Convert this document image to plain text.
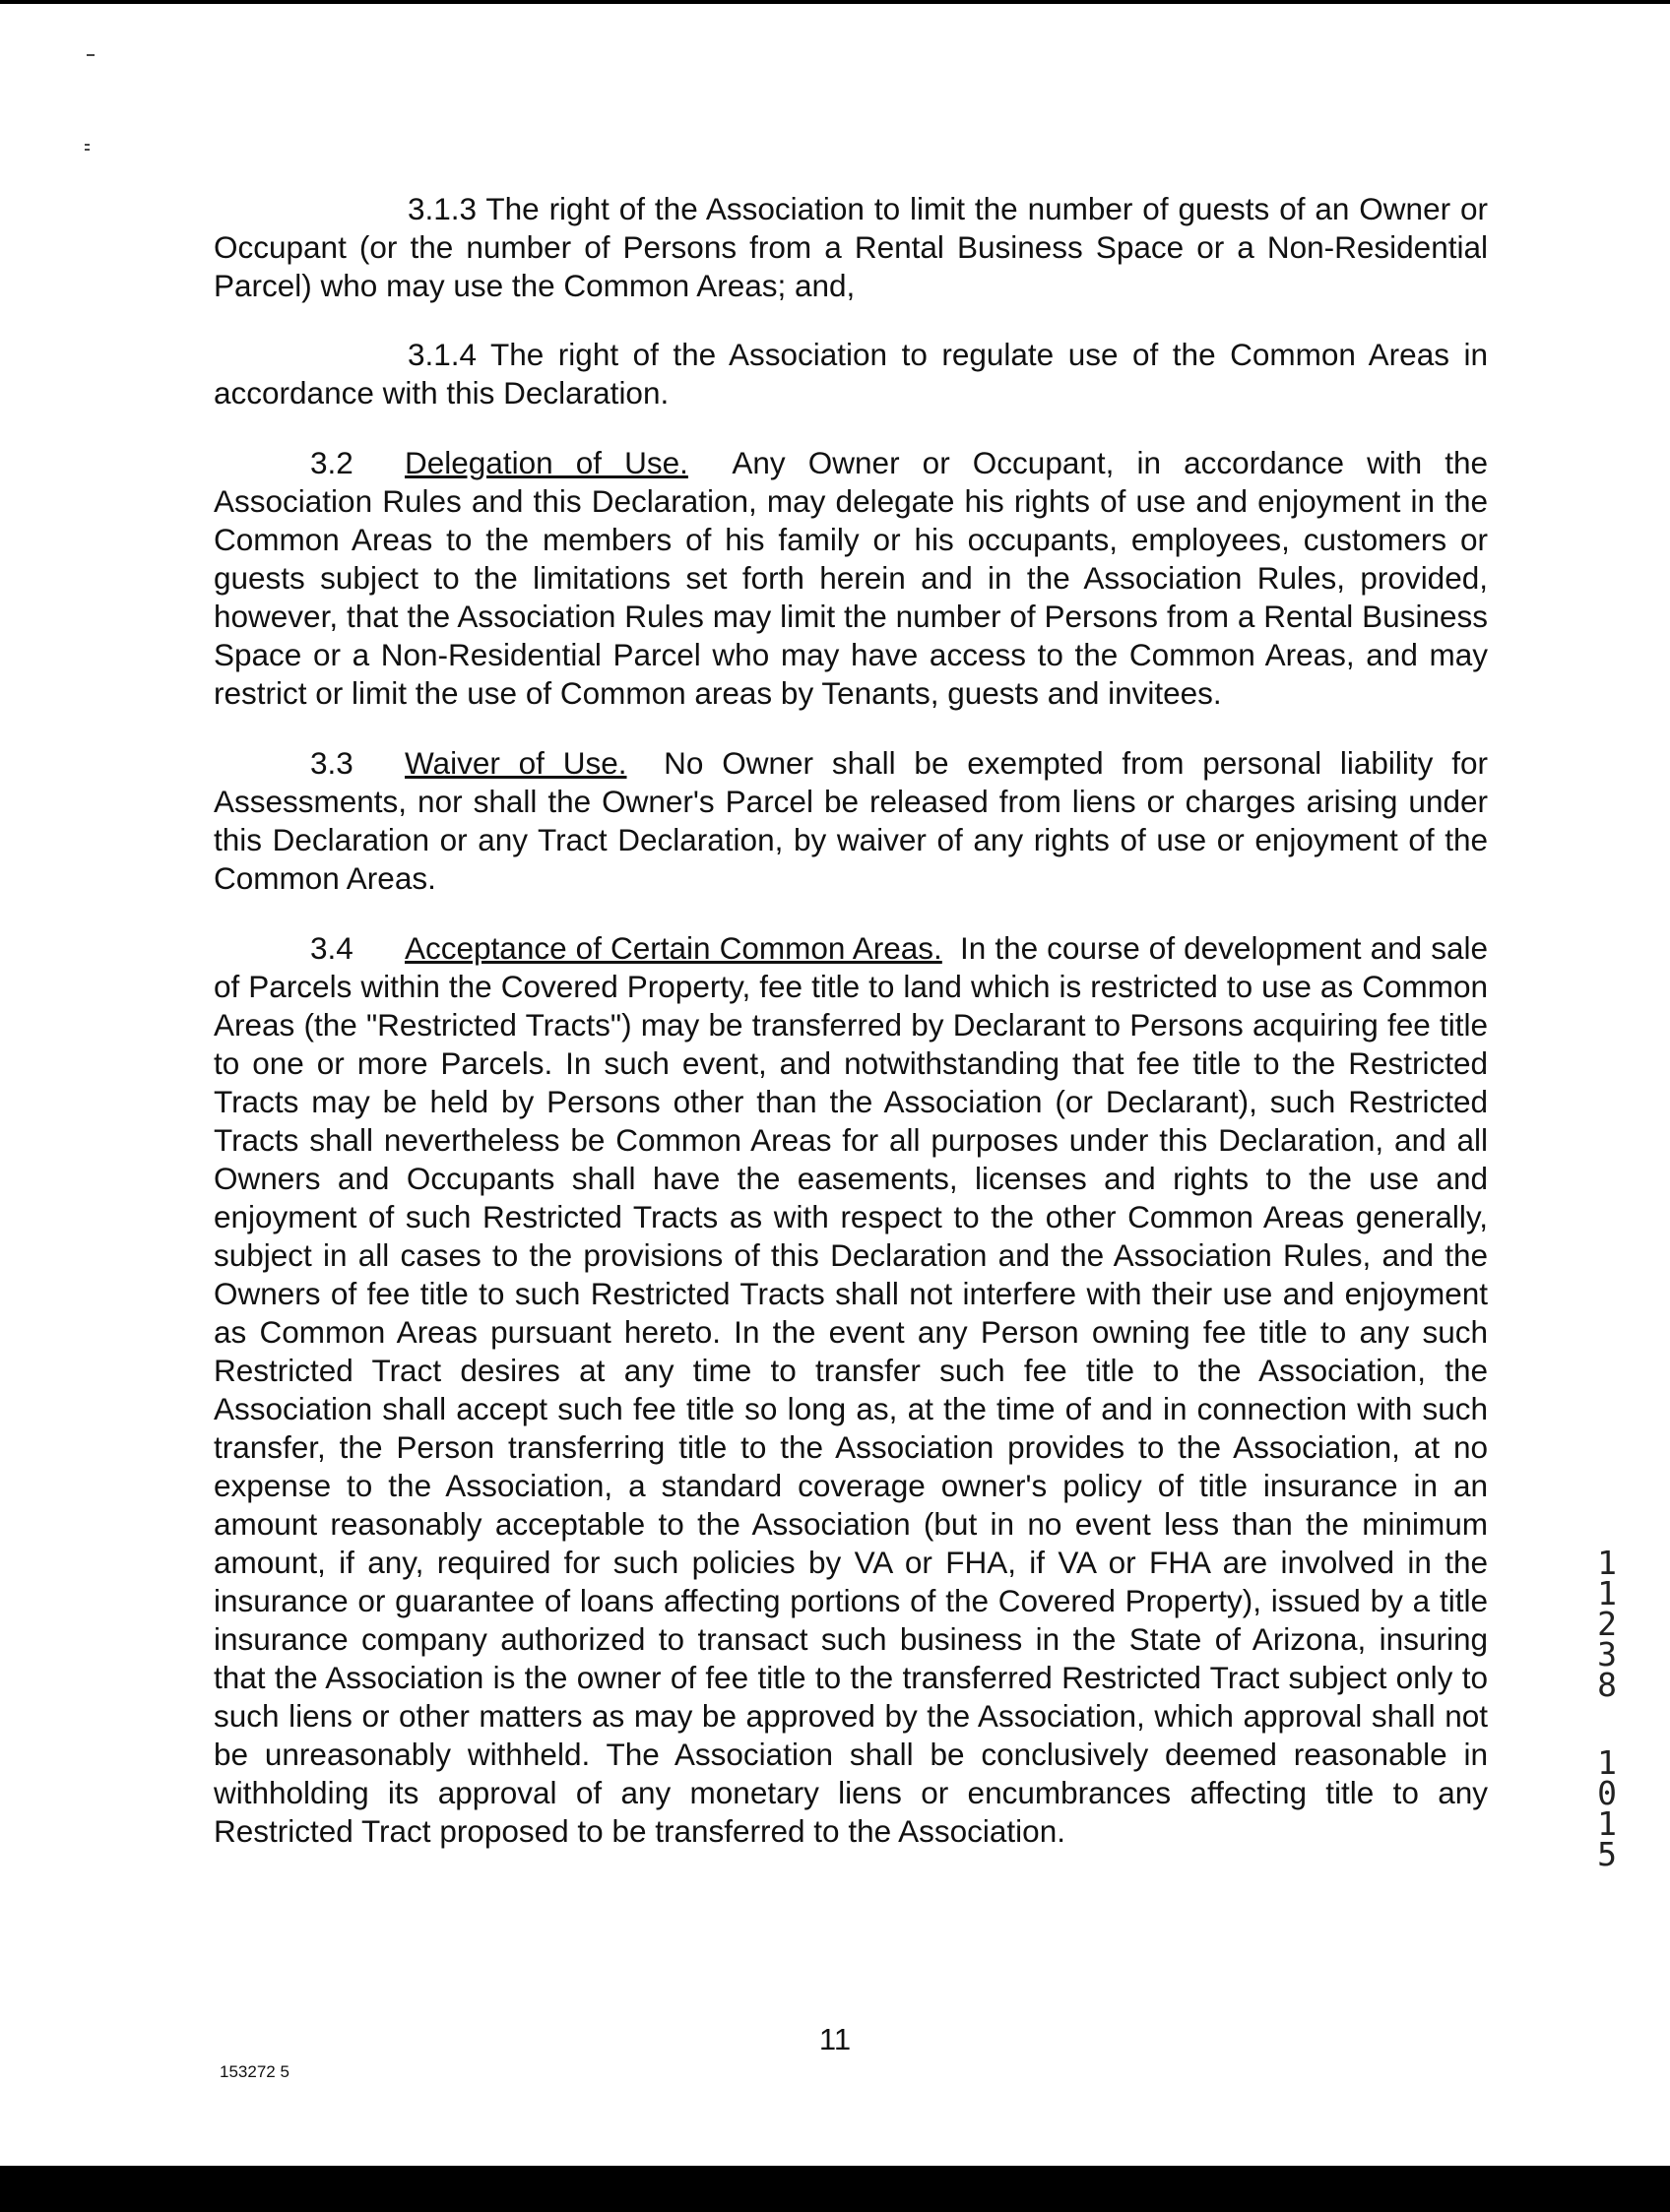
3.1.3 The right of the Association to limit the number of guests of an Owner or Occupant (or the number of Persons from a Rental Business Space or a Non-Residential Parcel) who may use the Common Areas; and,

3.1.4 The right of the Association to regulate use of the Common Areas in accordance with this Declaration.

3.2 Delegation of Use. Any Owner or Occupant, in accordance with the Association Rules and this Declaration, may delegate his rights of use and enjoyment in the Common Areas to the members of his family or his occupants, employees, customers or guests subject to the limitations set forth herein and in the Association Rules, provided, however, that the Association Rules may limit the number of Persons from a Rental Business Space or a Non-Residential Parcel who may have access to the Common Areas, and may restrict or limit the use of Common areas by Tenants, guests and invitees.

3.3 Waiver of Use. No Owner shall be exempted from personal liability for Assessments, nor shall the Owner's Parcel be released from liens or charges arising under this Declaration or any Tract Declaration, by waiver of any rights of use or enjoyment of the Common Areas.

3.4 Acceptance of Certain Common Areas. In the course of development and sale of Parcels within the Covered Property, fee title to land which is restricted to use as Common Areas (the "Restricted Tracts") may be transferred by Declarant to Persons acquiring fee title to one or more Parcels. In such event, and notwithstanding that fee title to the Restricted Tracts may be held by Persons other than the Association (or Declarant), such Restricted Tracts shall nevertheless be Common Areas for all purposes under this Declaration, and all Owners and Occupants shall have the easements, licenses and rights to the use and enjoyment of such Restricted Tracts as with respect to the other Common Areas generally, subject in all cases to the provisions of this Declaration and the Association Rules, and the Owners of fee title to such Restricted Tracts shall not interfere with their use and enjoyment as Common Areas pursuant hereto. In the event any Person owning fee title to any such Restricted Tract desires at any time to transfer such fee title to the Association, the Association shall accept such fee title so long as, at the time of and in connection with such transfer, the Person transferring title to the Association provides to the Association, at no expense to the Association, a standard coverage owner's policy of title insurance in an amount reasonably acceptable to the Association (but in no event less than the minimum amount, if any, required for such policies by VA or FHA, if VA or FHA are involved in the insurance or guarantee of loans affecting portions of the Covered Property), issued by a title insurance company authorized to transact such business in the State of Arizona, insuring that the Association is the owner of fee title to the transferred Restricted Tract subject only to such liens or other matters as may be approved by the Association, which approval shall not be unreasonably withheld. The Association shall be conclusively deemed reasonable in withholding its approval of any monetary liens or encumbrances affecting title to any Restricted Tract proposed to be transferred to the Association.

1
1
2
3
8
1
0
1
5
11
153272 5
